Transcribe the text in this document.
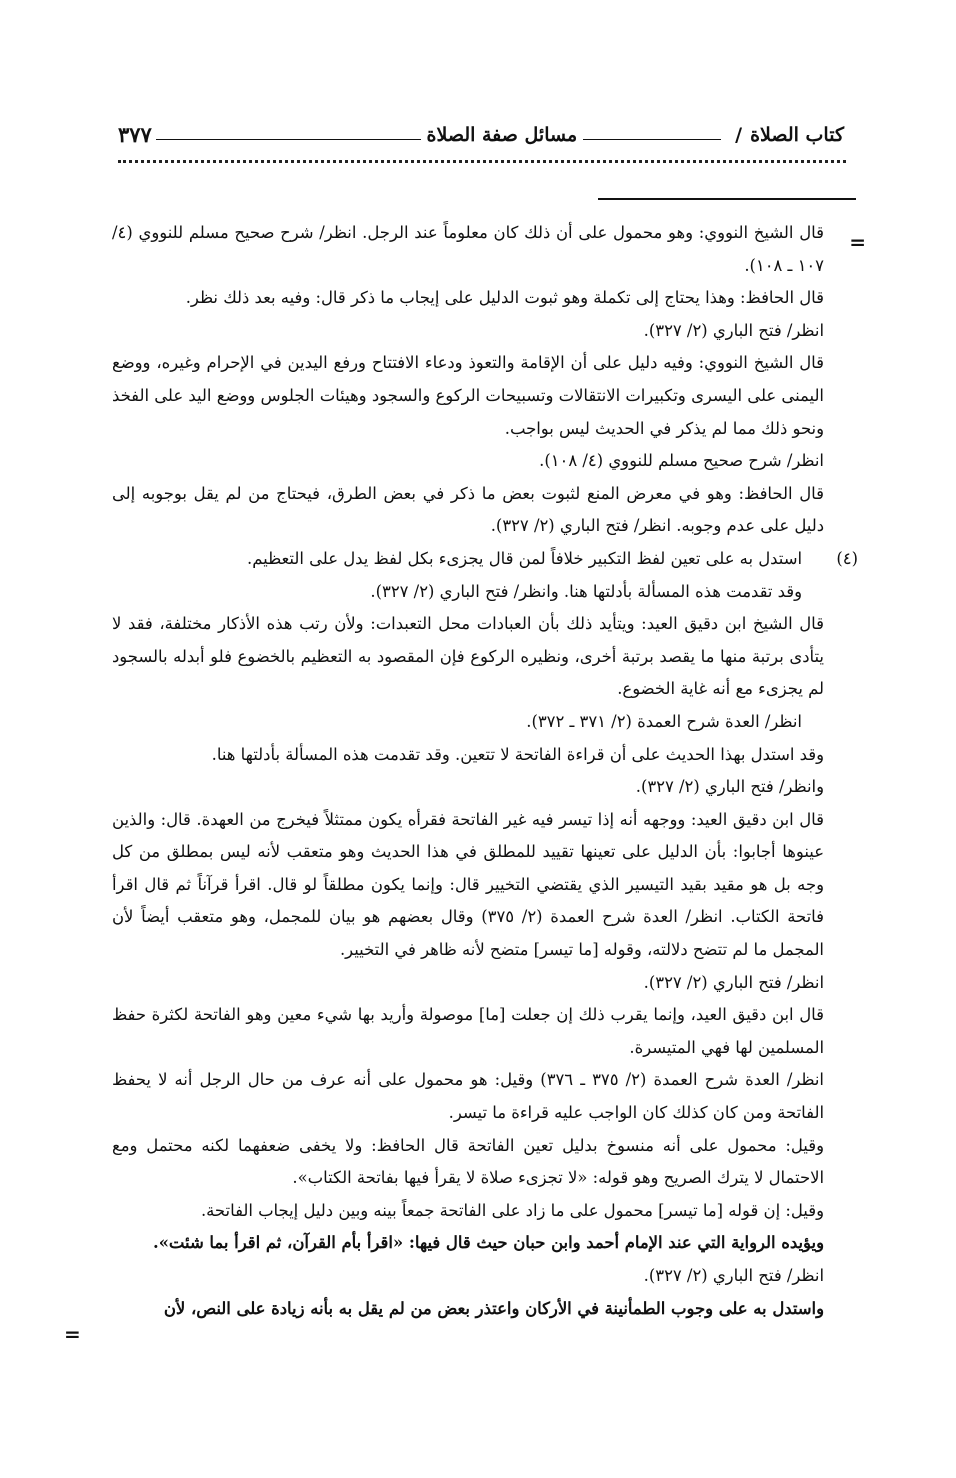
٣٧٧	مسائل صفة الصلاة	/ كتاب الصلاة
=
=

قال الشيخ النووي: وهو محمول على أن ذلك كان معلوماً عند الرجل. انظر/ شرح صحيح مسلم للنووي (٤/ ١٠٧ ـ ١٠٨).

قال الحافظ: وهذا يحتاج إلى تكملة وهو ثبوت الدليل على إيجاب ما ذكر قال: وفيه بعد ذلك نظر.

انظر/ فتح الباري (٢/ ٣٢٧).

قال الشيخ النووي: وفيه دليل على أن الإقامة والتعوذ ودعاء الافتتاح ورفع اليدين في الإحرام وغيره، ووضع اليمنى على اليسرى وتكبيرات الانتقالات وتسبيحات الركوع والسجود وهيئات الجلوس ووضع اليد على الفخذ ونحو ذلك مما لم يذكر في الحديث ليس بواجب.

انظر/ شرح صحيح مسلم للنووي (٤/ ١٠٨).

قال الحافظ: وهو في معرض المنع لثبوت بعض ما ذكر في بعض الطرق، فيحتاج من لم يقل بوجوبه إلى دليل على عدم وجوبه. انظر/ فتح الباري (٢/ ٣٢٧).

(٤)
استدل به على تعين لفظ التكبير خلافاً لمن قال يجزىء بكل لفظ يدل على التعظيم.

وقد تقدمت هذه المسألة بأدلتها هنا. وانظر/ فتح الباري (٢/ ٣٢٧).

قال الشيخ ابن دقيق العيد: ويتأيد ذلك بأن العبادات محل التعبدات: ولأن رتب هذه الأذكار مختلفة، فقد لا يتأدى برتبة منها ما يقصد برتبة أخرى، ونظيره الركوع فإن المقصود به التعظيم بالخضوع فلو أبدله بالسجود لم يجزىء مع أنه غاية الخضوع.

انظر/ العدة شرح العمدة (٢/ ٣٧١ ـ ٣٧٢).

وقد استدل بهذا الحديث على أن قراءة الفاتحة لا تتعين. وقد تقدمت هذه المسألة بأدلتها هنا.

وانظر/ فتح الباري (٢/ ٣٢٧).

قال ابن دقيق العيد: ووجهه أنه إذا تيسر فيه غير الفاتحة فقرأه يكون ممتثلاً فيخرج من العهدة. قال: والذين عينوها أجابوا: بأن الدليل على تعينها تقييد للمطلق في هذا الحديث وهو متعقب لأنه ليس بمطلق من كل وجه بل هو مقيد بقيد التيسير الذي يقتضي التخيير قال: وإنما يكون مطلقاً لو قال. اقرأ قرآناً ثم قال اقرأ فاتحة الكتاب. انظر/ العدة شرح العمدة (٢/ ٣٧٥) وقال بعضهم هو بيان للمجمل، وهو متعقب أيضاً لأن المجمل ما لم تتضح دلالته، وقوله [ما تيسر] متضح لأنه ظاهر في التخيير.

انظر/ فتح الباري (٢/ ٣٢٧).

قال ابن دقيق العيد، وإنما يقرب ذلك إن جعلت [ما] موصولة وأريد بها شيء معين وهو الفاتحة لكثرة حفظ المسلمين لها فهي المتيسرة.

انظر/ العدة شرح العمدة (٢/ ٣٧٥ ـ ٣٧٦) وقيل: هو محمول على أنه عرف من حال الرجل أنه لا يحفظ الفاتحة ومن كان كذلك كان الواجب عليه قراءة ما تيسر.

وقيل: محمول على أنه منسوخ بدليل تعين الفاتحة قال الحافظ: ولا يخفى ضعفهما لكنه محتمل ومع الاحتمال لا يترك الصريح وهو قوله: «لا تجزىء صلاة لا يقرأ فيها بفاتحة الكتاب».

وقيل: إن قوله [ما تيسر] محمول على ما زاد على الفاتحة جمعاً بينه وبين دليل إيجاب الفاتحة.

ويؤيده الرواية التي عند الإمام أحمد وابن حبان حيث قال فيها: «اقرأ بأم القرآن، ثم اقرأ بما شئت».

انظر/ فتح الباري (٢/ ٣٢٧).

واستدل به على وجوب الطمأنينة في الأركان واعتذر بعض من لم يقل به بأنه زيادة على النص، لأن
